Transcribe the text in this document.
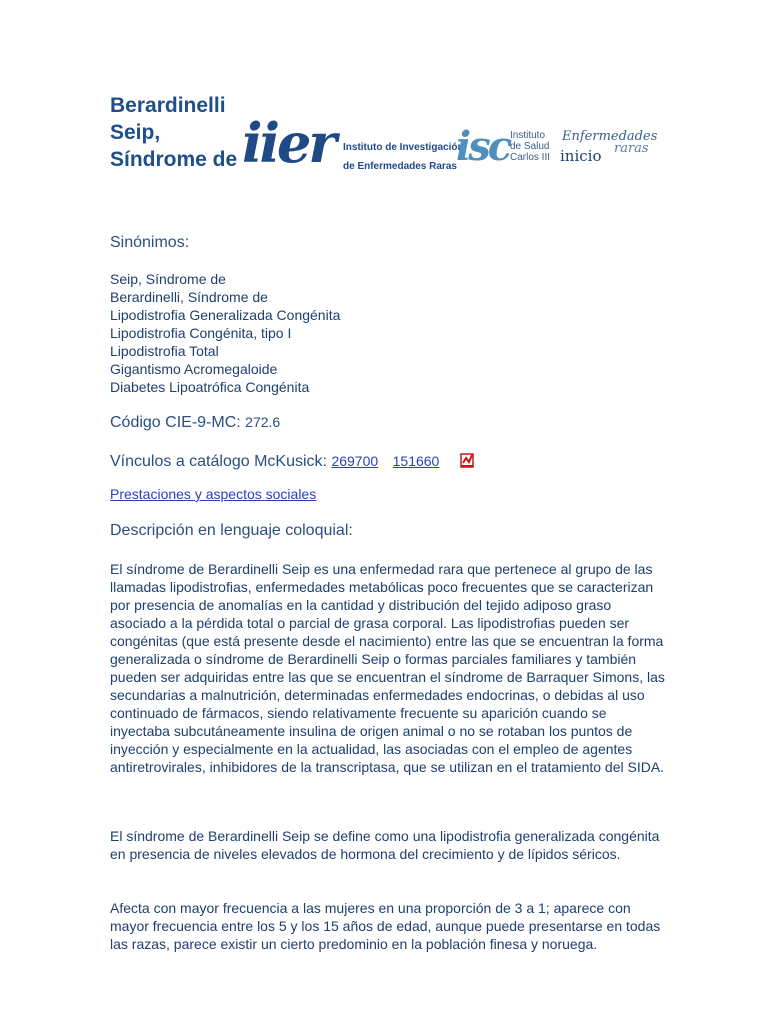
Berardinelli Seip, Síndrome de iier Instituto de Investigación
de Enfermedades Raras isc Instituto
de Salud
Carlos III
Enfermedades
raras
inicio
Sinónimos:
Seip, Síndrome de
Berardinelli, Síndrome de
Lipodistrofia Generalizada Congénita
Lipodistrofia Congénita, tipo I
Lipodistrofia Total
Gigantismo Acromegaloide
Diabetes Lipoatrófica Congénita
Código CIE-9-MC: 272.6
Vínculos a catálogo McKusick: 269700 151660
Prestaciones y aspectos sociales
Descripción en lenguaje coloquial:

El síndrome de Berardinelli Seip es una enfermedad rara que pertenece al grupo de las llamadas lipodistrofias, enfermedades metabólicas poco frecuentes que se caracterizan por presencia de anomalías en la cantidad y distribución del tejido adiposo graso asociado a la pérdida total o parcial de grasa corporal. Las lipodistrofias pueden ser congénitas (que está presente desde el nacimiento) entre las que se encuentran la forma generalizada o síndrome de Berardinelli Seip o formas parciales familiares y también pueden ser adquiridas entre las que se encuentran el síndrome de Barraquer Simons, las secundarias a malnutrición, determinadas enfermedades endocrinas, o debidas al uso continuado de fármacos, siendo relativamente frecuente su aparición cuando se inyectaba subcutáneamente insulina de origen animal o no se rotaban los puntos de inyección y especialmente en la actualidad, las asociadas con el empleo de agentes antiretrovirales, inhibidores de la transcriptasa, que se utilizan en el tratamiento del SIDA.

El síndrome de Berardinelli Seip se define como una lipodistrofia generalizada congénita en presencia de niveles elevados de hormona del crecimiento y de lípidos séricos.

Afecta con mayor frecuencia a las mujeres en una proporción de 3 a 1; aparece con mayor frecuencia entre los 5 y los 15 años de edad, aunque puede presentarse en todas las razas, parece existir un cierto predominio en la población finesa y noruega.
